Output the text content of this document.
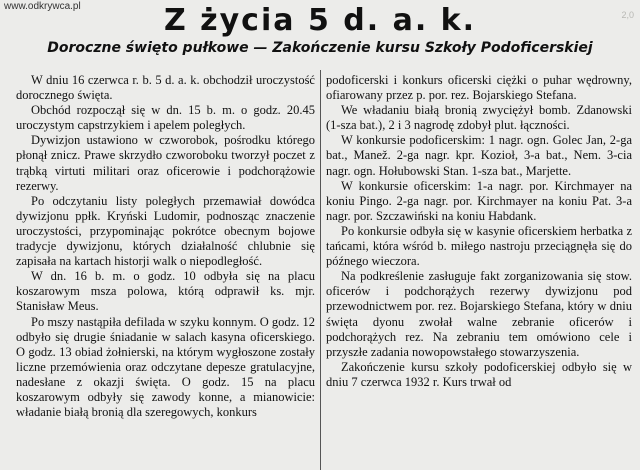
www.odkrywca.pl
2,0
Z życia 5 d. a. k.
Doroczne święto pułkowe — Zakończenie kursu Szkoły Podoficerskiej

W dniu 16 czerwca r. b. 5 d. a. k. obchodził uroczystość dorocznego święta.

Obchód rozpoczął się w dn. 15 b. m. o godz. 20.45 uroczystym capstrzykiem i apelem poległych.

Dywizjon ustawiono w czworobok, pośrodku którego płonął znicz. Prawe skrzydło czworoboku tworzył poczet z trąbką virtuti militari oraz oficerowie i podchorążowie rezerwy.

Po odczytaniu listy poległych przemawiał dowódca dywizjonu ppłk. Kryński Ludomir, podnosząc znaczenie uroczystości, przypominając pokrótce obecnym bojowe tradycje dywizjonu, których działalność chlubnie się zapisała na kartach historji walk o niepodległość.

W dn. 16 b. m. o godz. 10 odbyła się na placu koszarowym msza polowa, którą odprawił ks. mjr. Stanisław Meus.

Po mszy nastąpiła defilada w szyku konnym. O godz. 12 odbyło się drugie śniadanie w salach kasyna oficerskiego. O godz. 13 obiad żołnierski, na którym wygłoszone zostały liczne przemówienia oraz odczytane depesze gratulacyjne, nadesłane z okazji święta. O godz. 15 na placu koszarowym odbyły się zawody konne, a mianowicie: władanie białą bronią dla szeregowych, konkurs

podoficerski i konkurs oficerski ciężki o puhar wędrowny, ofiarowany przez p. por. rez. Bojarskiego Stefana.

We władaniu białą bronią zwyciężył bomb. Zdanowski (1-sza bat.), 2 i 3 nagrodę zdobył plut. łączności.

W konkursie podoficerskim: 1 nagr. ogn. Golec Jan, 2-ga bat., Manež. 2-ga nagr. kpr. Kozioł, 3-a bat., Nem. 3-cia nagr. ogn. Hołubowski Stan. 1-sza bat., Marjette.

W konkursie oficerskim: 1-a nagr. por. Kirchmayer na koniu Pingo. 2-ga nagr. por. Kirchmayer na koniu Pat. 3-a nagr. por. Szczawiński na koniu Habdank.

Po konkursie odbyła się w kasynie oficerskiem herbatka z tańcami, która wśród b. miłego nastroju przeciągnęła się do późnego wieczora.

Na podkreślenie zasługuje fakt zorganizowania się stow. oficerów i podchorążych rezerwy dywizjonu pod przewodnictwem por. rez. Bojarskiego Stefana, który w dniu święta dyonu zwołał walne zebranie oficerów i podchorążych rez. Na zebraniu tem omówiono cele i przyszłe zadania nowopowstałego stowarzyszenia.

Zakończenie kursu szkoły podoficerskiej odbyło się w dniu 7 czerwca 1932 r. Kurs trwał od
